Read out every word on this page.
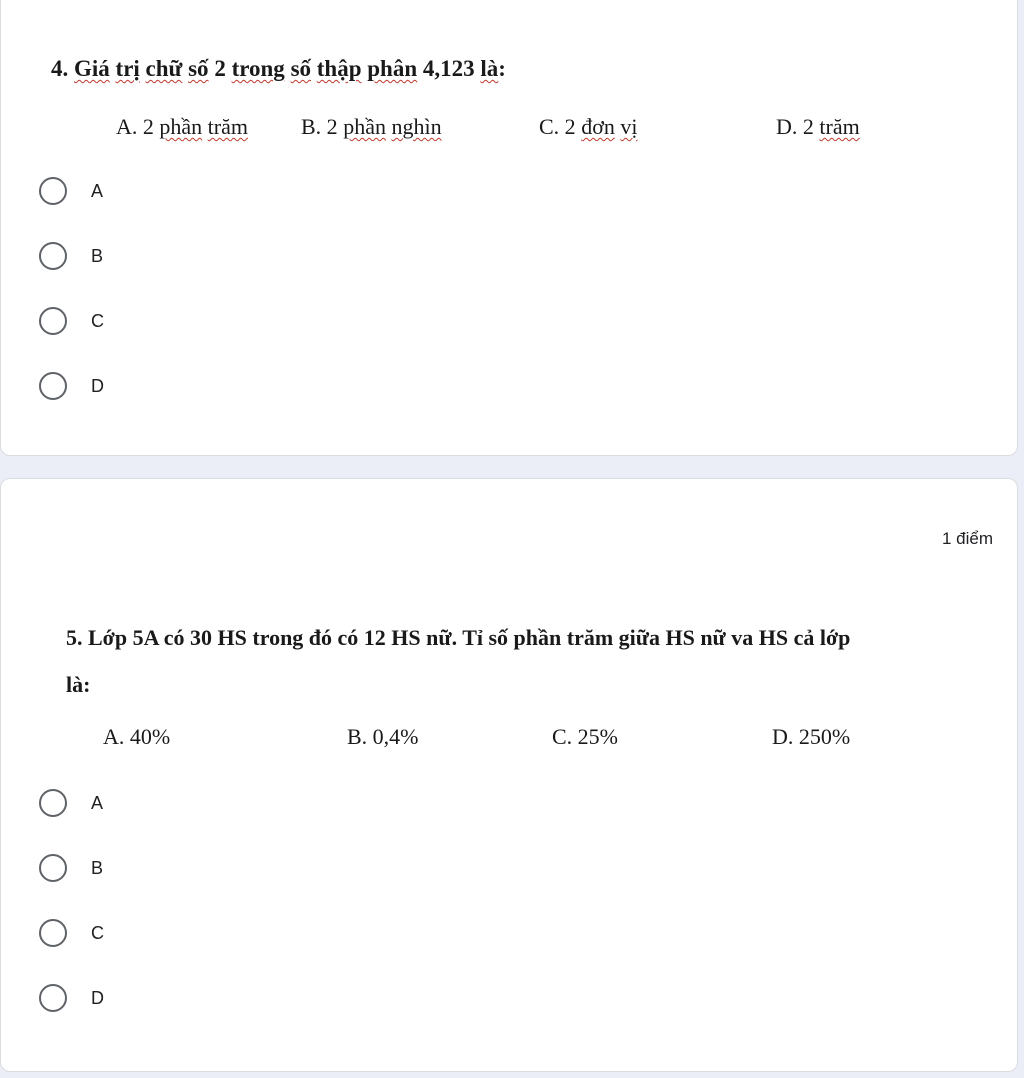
4. Giá trị chữ số 2 trong số thập phân 4,123 là:
A. 2 phần trăm B. 2 phần nghìn	C. 2 đơn vị	D. 2 trăm
A
B
C
D
1 điểm
5. Lớp 5A có 30 HS trong đó có 12 HS nữ. Tỉ số phần trăm giữa HS nữ va HS cả lớp
là:
A. 40%	B. 0,4%	C. 25%	D. 250%
A
B
C
D
